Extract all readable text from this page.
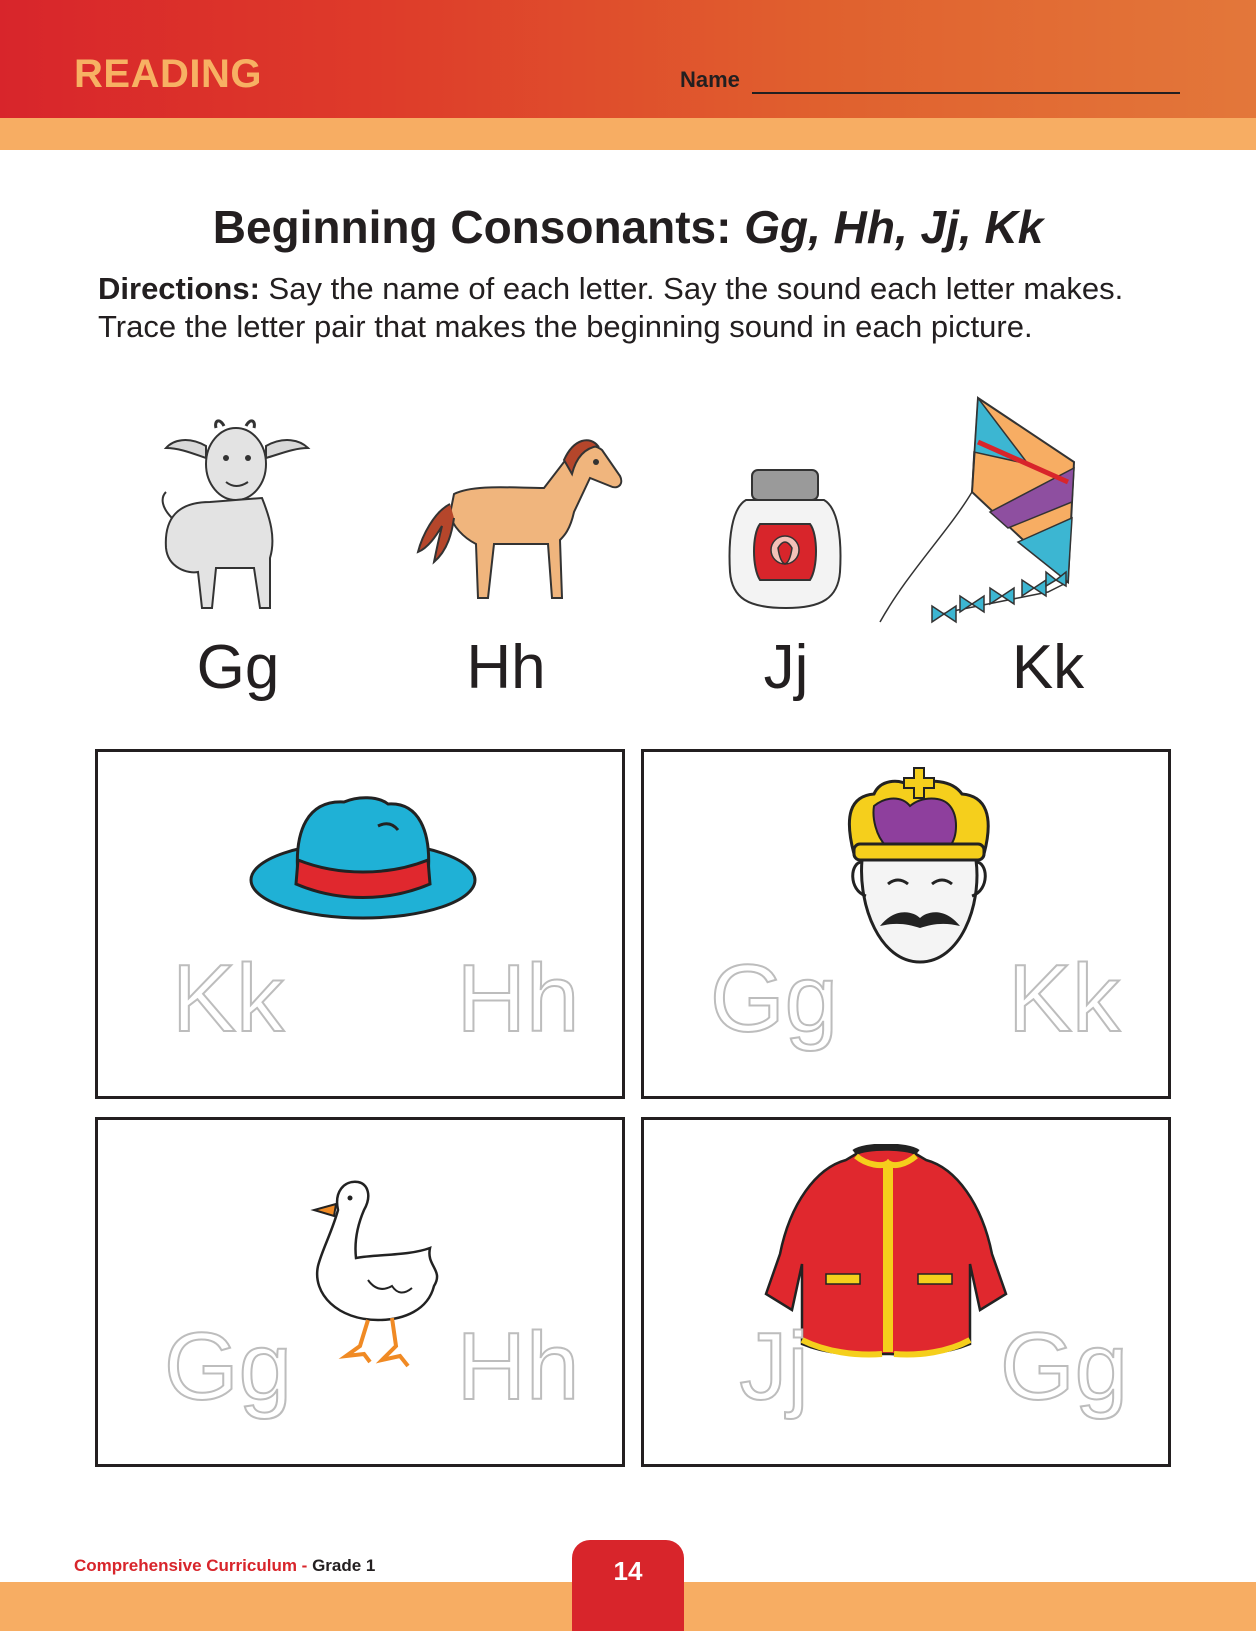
READING	Name
Beginning Consonants: Gg, Hh, Jj, Kk
Directions: Say the name of each letter. Say the sound each letter makes. Trace the letter pair that makes the beginning sound in each picture.
Gg	Hh	Jj	Kk
Kk	Hh Gg	Kk
Gg Hh	Jj	Gg
Comprehensive Curriculum - Grade 1	14
